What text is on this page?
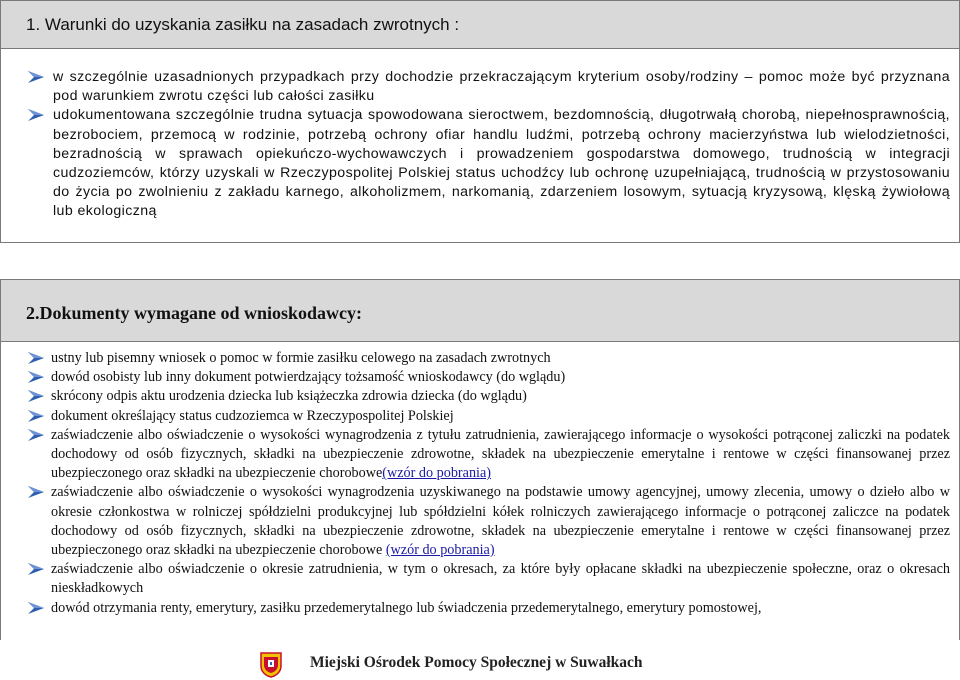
1. Warunki do uzyskania zasiłku na zasadach zwrotnych :
w szczególnie uzasadnionych przypadkach przy dochodzie przekraczającym kryterium osoby/rodziny – pomoc może być przyznana pod warunkiem zwrotu części lub całości zasiłku
udokumentowana szczególnie trudna sytuacja spowodowana sieroctwem, bezdomnością, długotrwałą chorobą, niepełnosprawnością, bezrobociem, przemocą w rodzinie, potrzebą ochrony ofiar handlu ludźmi, potrzebą ochrony macierzyństwa lub wielodzietności, bezradnością w sprawach opiekuńczo-wychowawczych i prowadzeniem gospodarstwa domowego, trudnością w integracji cudzoziemców, którzy uzyskali w Rzeczypospolitej Polskiej status uchodźcy lub ochronę uzupełniającą, trudnością w przystosowaniu do życia po zwolnieniu z zakładu karnego, alkoholizmem, narkomanią, zdarzeniem losowym, sytuacją kryzysową, klęską żywiołową lub ekologiczną
2.Dokumenty wymagane od wnioskodawcy:
ustny lub pisemny wniosek o pomoc w formie zasiłku celowego na zasadach zwrotnych
dowód osobisty lub inny dokument potwierdzający tożsamość wnioskodawcy (do wglądu)
skrócony odpis aktu urodzenia dziecka lub książeczka zdrowia dziecka (do wglądu)
dokument określający status cudzoziemca w Rzeczypospolitej Polskiej
zaświadczenie albo oświadczenie o wysokości wynagrodzenia z tytułu zatrudnienia, zawierającego informacje o wysokości potrąconej zaliczki na podatek dochodowy od osób fizycznych, składki na ubezpieczenie zdrowotne, składek na ubezpieczenie emerytalne i rentowe w części finansowanej przez ubezpieczonego oraz składki na ubezpieczenie chorobowe(wzór do pobrania)
zaświadczenie albo oświadczenie o wysokości wynagrodzenia uzyskiwanego na podstawie umowy agencyjnej, umowy zlecenia, umowy o dzieło albo w okresie członkostwa w rolniczej spółdzielni produkcyjnej lub spółdzielni kółek rolniczych zawierającego informacje o potrąconej zaliczce na podatek dochodowy od osób fizycznych, składki na ubezpieczenie zdrowotne, składek na ubezpieczenie emerytalne i rentowe w części finansowanej przez ubezpieczonego oraz składki na ubezpieczenie chorobowe (wzór do pobrania)
zaświadczenie albo oświadczenie o okresie zatrudnienia, w tym o okresach, za które były opłacane składki na ubezpieczenie społeczne, oraz o okresach nieskładkowych
dowód otrzymania renty, emerytury, zasiłku przedemerytalnego lub świadczenia przedemerytalnego, emerytury pomostowej,
Miejski Ośrodek Pomocy Społecznej w Suwałkach
